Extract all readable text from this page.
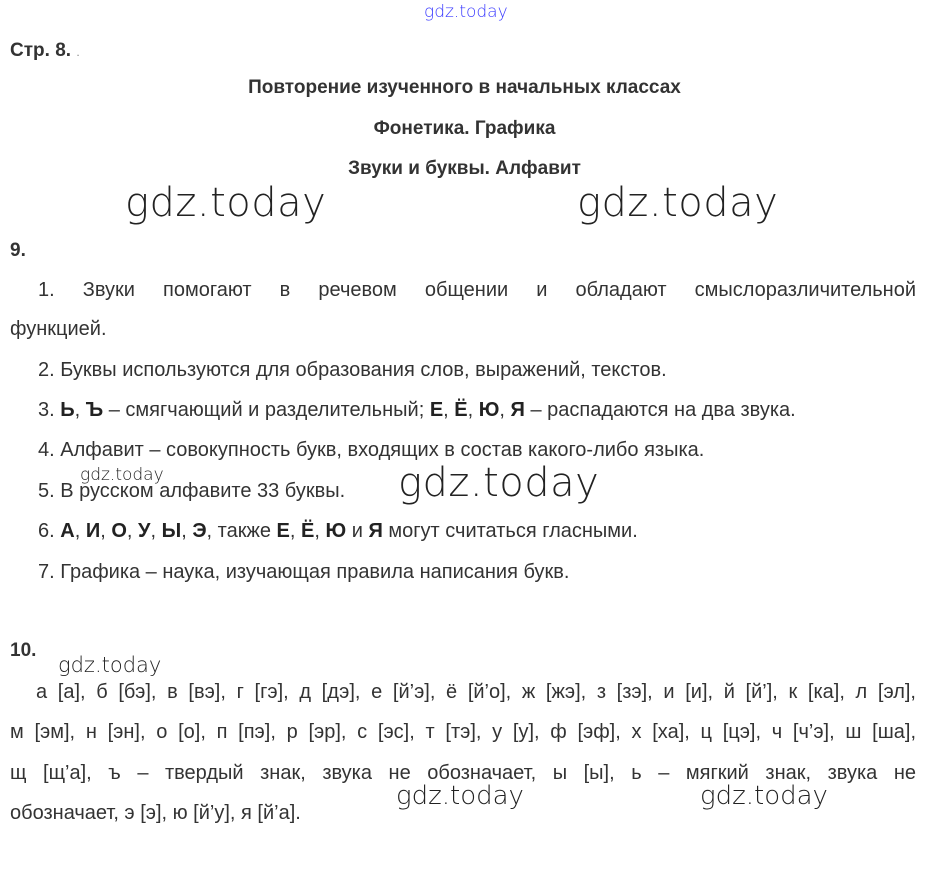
gdz.today
gdz.today	gdz.today
gdz.today
gdz.today
gdz.today
gdz.today	gdz.today
Стр. 8. .
Повторение изученного в начальных классах
Фонетика. Графика
Звуки и буквы. Алфавит
9.
1. Звуки помогают в речевом общении и обладают смыслоразличительной
функцией.
2. Буквы используются для образования слов, выражений, текстов.
3. Ь, Ъ – смягчающий и разделительный; Е, Ё, Ю, Я – распадаются на два звука.
4. Алфавит – совокупность букв, входящих в состав какого-либо языка.
5. В русском алфавите 33 буквы.
6. А, И, О, У, Ы, Э, также Е, Ё, Ю и Я могут считаться гласными.
7. Графика – наука, изучающая правила написания букв.
10.
а [а], б [бэ], в [вэ], г [гэ], д [дэ], е [й’э], ё [й’о], ж [жэ], з [зэ], и [и], й [й’], к [ка], л [эл],
м [эм], н [эн], о [о], п [пэ], р [эр], с [эс], т [тэ], у [у], ф [эф], х [ха], ц [цэ], ч [ч’э], ш [ша],
щ [щ’а], ъ – твердый знак, звука не обозначает, ы [ы], ь – мягкий знак, звука не
обозначает, э [э], ю [й’у], я [й’а].
